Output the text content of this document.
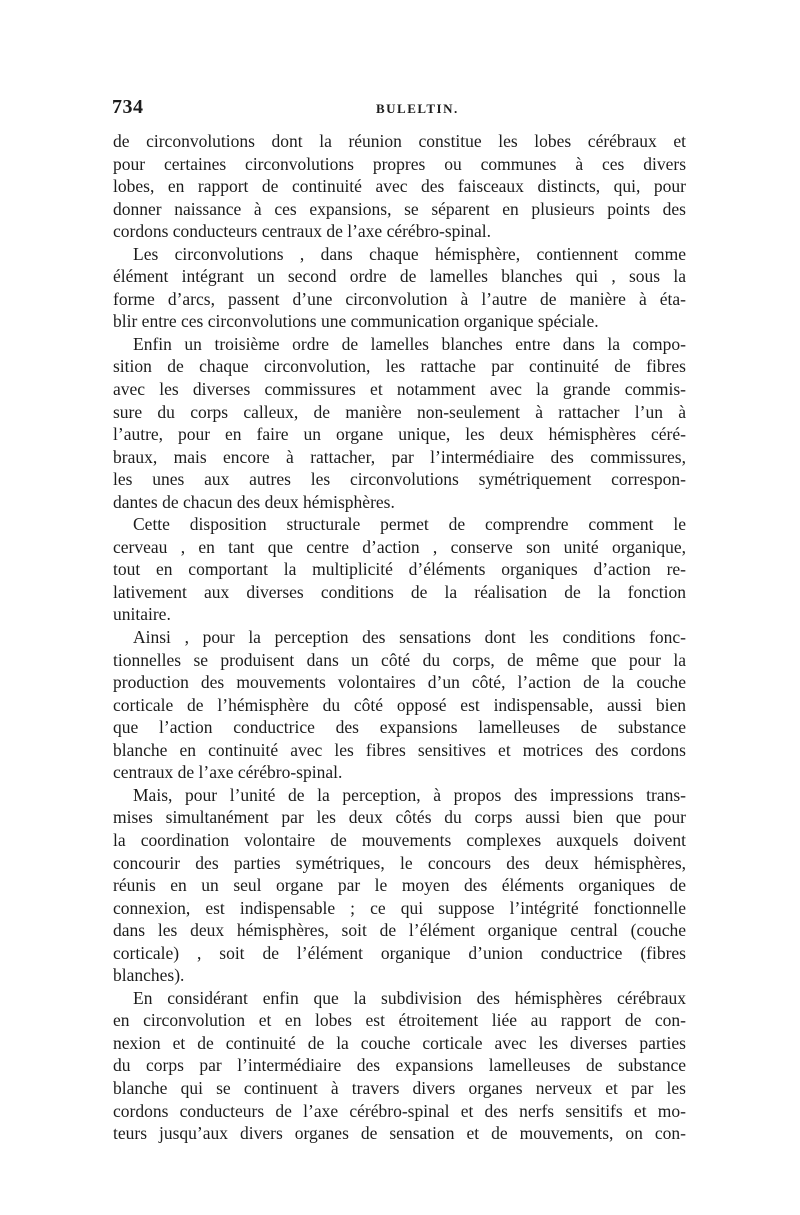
734	BULELTIN.
de circonvolutions dont la réunion constitue les lobes cérébraux et
pour certaines circonvolutions propres ou communes à ces divers
lobes, en rapport de continuité avec des faisceaux distincts, qui, pour
donner naissance à ces expansions, se séparent en plusieurs points des
cordons conducteurs centraux de l’axe cérébro-spinal.
Les circonvolutions , dans chaque hémisphère, contiennent comme
élément intégrant un second ordre de lamelles blanches qui , sous la
forme d’arcs, passent d’une circonvolution à l’autre de manière à éta-
blir entre ces circonvolutions une communication organique spéciale.
Enfin un troisième ordre de lamelles blanches entre dans la compo-
sition de chaque circonvolution, les rattache par continuité de fibres
avec les diverses commissures et notamment avec la grande commis-
sure du corps calleux, de manière non-seulement à rattacher l’un à
l’autre, pour en faire un organe unique, les deux hémisphères céré-
braux, mais encore à rattacher, par l’intermédiaire des commissures,
les unes aux autres les circonvolutions symétriquement correspon-
dantes de chacun des deux hémisphères.
Cette disposition structurale permet de comprendre comment le
cerveau , en tant que centre d’action , conserve son unité organique,
tout en comportant la multiplicité d’éléments organiques d’action re-
lativement aux diverses conditions de la réalisation de la fonction
unitaire.
Ainsi , pour la perception des sensations dont les conditions fonc-
tionnelles se produisent dans un côté du corps, de même que pour la
production des mouvements volontaires d’un côté, l’action de la couche
corticale de l’hémisphère du côté opposé est indispensable, aussi bien
que l’action conductrice des expansions lamelleuses de substance
blanche en continuité avec les fibres sensitives et motrices des cordons
centraux de l’axe cérébro-spinal.
Mais, pour l’unité de la perception, à propos des impressions trans-
mises simultanément par les deux côtés du corps aussi bien que pour
la coordination volontaire de mouvements complexes auxquels doivent
concourir des parties symétriques, le concours des deux hémisphères,
réunis en un seul organe par le moyen des éléments organiques de
connexion, est indispensable ; ce qui suppose l’intégrité fonctionnelle
dans les deux hémisphères, soit de l’élément organique central (couche
corticale) , soit de l’élément organique d’union conductrice (fibres
blanches).
En considérant enfin que la subdivision des hémisphères cérébraux
en circonvolution et en lobes est étroitement liée au rapport de con-
nexion et de continuité de la couche corticale avec les diverses parties
du corps par l’intermédiaire des expansions lamelleuses de substance
blanche qui se continuent à travers divers organes nerveux et par les
cordons conducteurs de l’axe cérébro-spinal et des nerfs sensitifs et mo-
teurs jusqu’aux divers organes de sensation et de mouvements, on con-
